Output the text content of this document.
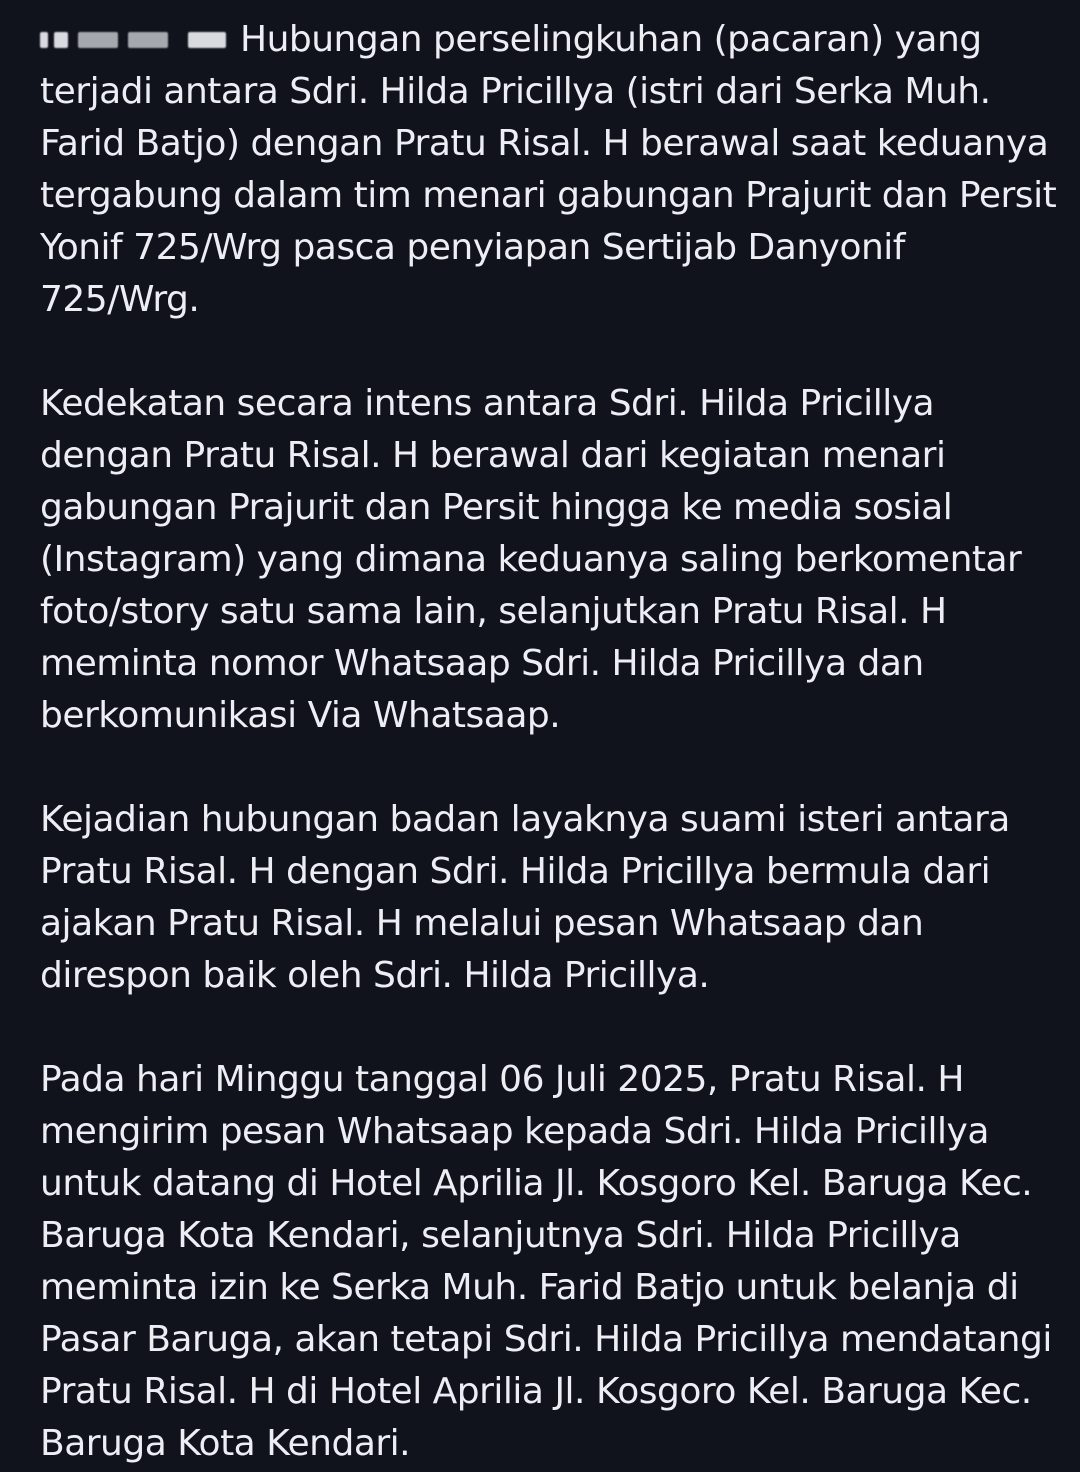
Hubungan perselingkuhan (pacaran) yang terjadi antara Sdri. Hilda Pricillya (istri dari Serka Muh. Farid Batjo) dengan Pratu Risal. H berawal saat keduanya tergabung dalam tim menari gabungan Prajurit dan Persit Yonif 725/Wrg pasca penyiapan Sertijab Danyonif 725/Wrg.

Kedekatan secara intens antara Sdri. Hilda Pricillya dengan Pratu Risal. H berawal dari kegiatan menari gabungan Prajurit dan Persit hingga ke media sosial (Instagram) yang dimana keduanya saling berkomentar foto/story satu sama lain, selanjutkan Pratu Risal. H meminta nomor Whatsaap Sdri. Hilda Pricillya dan berkomunikasi Via Whatsaap.

Kejadian hubungan badan layaknya suami isteri antara Pratu Risal. H dengan Sdri. Hilda Pricillya bermula dari ajakan Pratu Risal. H melalui pesan Whatsaap dan direspon baik oleh Sdri. Hilda Pricillya.

Pada hari Minggu tanggal 06 Juli 2025, Pratu Risal. H mengirim pesan Whatsaap kepada Sdri. Hilda Pricillya untuk datang di Hotel Aprilia Jl. Kosgoro Kel. Baruga Kec. Baruga Kota Kendari, selanjutnya Sdri. Hilda Pricillya meminta izin ke Serka Muh. Farid Batjo untuk belanja di Pasar Baruga, akan tetapi Sdri. Hilda Pricillya mendatangi Pratu Risal. H di Hotel Aprilia Jl. Kosgoro Kel. Baruga Kec. Baruga Kota Kendari.
